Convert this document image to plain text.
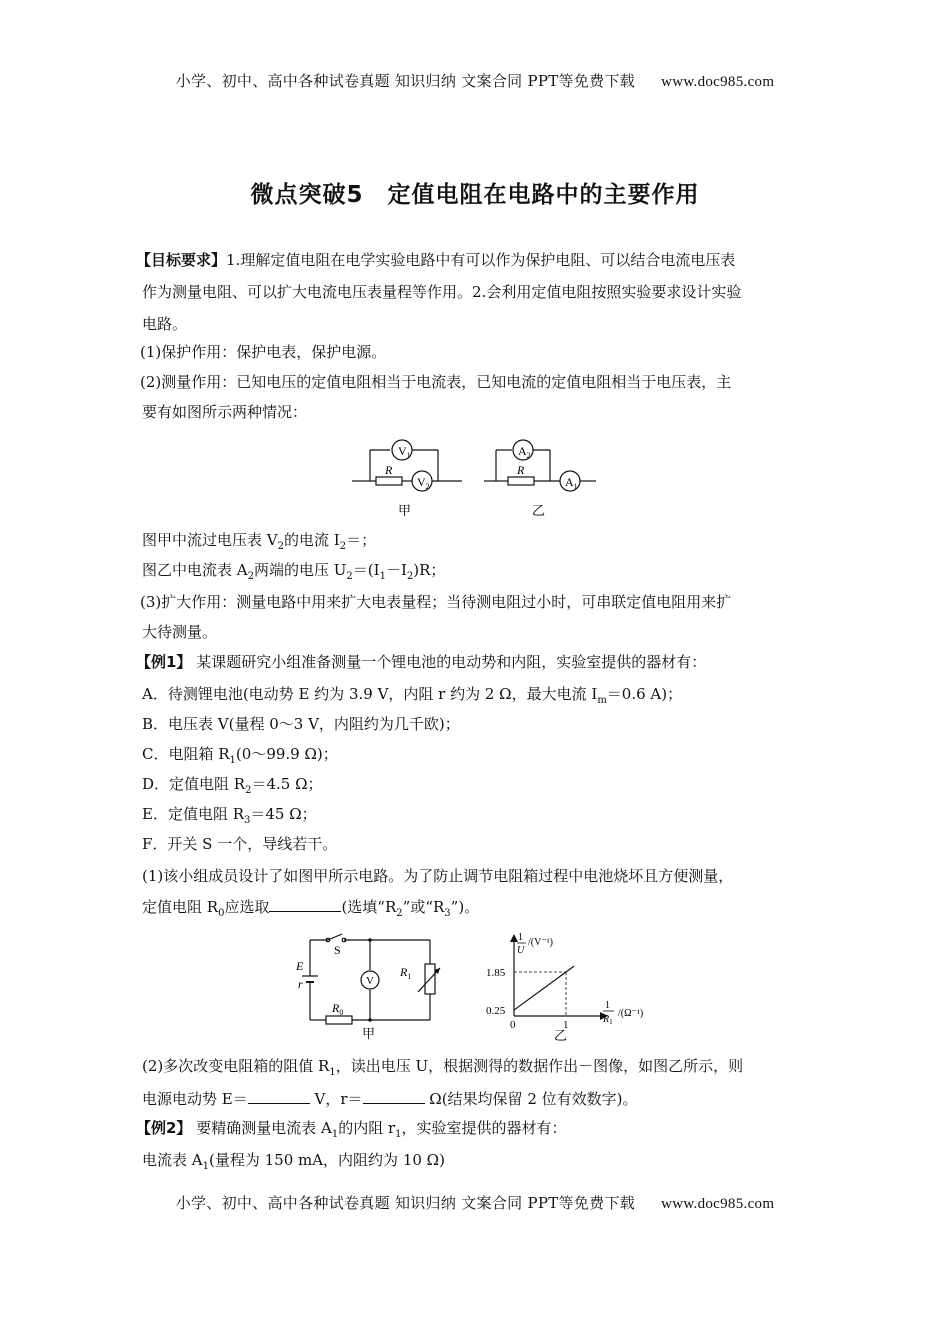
小学、初中、高中各种试卷真题 知识归纳 文案合同 PPT等免费下载 www.doc985.com
微点突破5　定值电阻在电路中的主要作用
【目标要求】1.理解定值电阻在电学实验电路中有可以作为保护电阻、可以结合电流电压表
作为测量电阻、可以扩大电流电压表量程等作用。2.会利用定值电阻按照实验要求设计实验
电路。
(1)保护作用：保护电表，保护电源。
(2)测量作用：已知电压的定值电阻相当于电流表，已知电流的定值电阻相当于电压表，主
要有如图所示两种情况：
$V_1$
R
$V_2$
$A_2$
R
$A_1$
甲	乙
图甲中流过电压表 $V_2$的电流 $I_2=$；
图乙中电流表 $A_2$两端的电压 $U_2=(I_1-I_2)R$；
(3)扩大作用：测量电路中用来扩大电表量程；当待测电阻过小时，可串联定值电阻用来扩
大待测量。
【例1】 某课题研究小组准备测量一个锂电池的电动势和内阻，实验室提供的器材有：
A．待测锂电池(电动势 E 约为 3.9 V，内阻 r 约为 2 Ω，最大电流 $I_m=0.6$ A)；
B．电压表 V(量程 0～3 V，内阻约为几千欧)；
C．电阻箱 $R_1(0\sim 99.9$ Ω)；
D．定值电阻 $R_2=4.5$ Ω；
E．定值电阻 $R_3=45$ Ω；
F．开关 S 一个，导线若干。
(1)该小组成员设计了如图甲所示电路。为了防止调节电阻箱过程中电池烧坏且方便测量，
定值电阻 $R_0$应选取	(选填“$R_2$”或“$R_3$”)。
S
E
r	V
$R_1$
$R_0$
甲
1.85
0.25
0	1
1
U
/(V⁻¹)
1
$R_1$
/(Ω⁻¹)
乙
(2)多次改变电阻箱的阻值 $R_1$，读出电压 U，根据测得的数据作出－图像，如图乙所示，则
电源电动势 E＝	V，r＝	Ω(结果均保留 2 位有效数字)。
【例2】 要精确测量电流表 $A_1$的内阻 $r_1$，实验室提供的器材有：
电流表 $A_1$(量程为 150 mA，内阻约为 10 Ω)
小学、初中、高中各种试卷真题 知识归纳 文案合同 PPT等免费下载 www.doc985.com
